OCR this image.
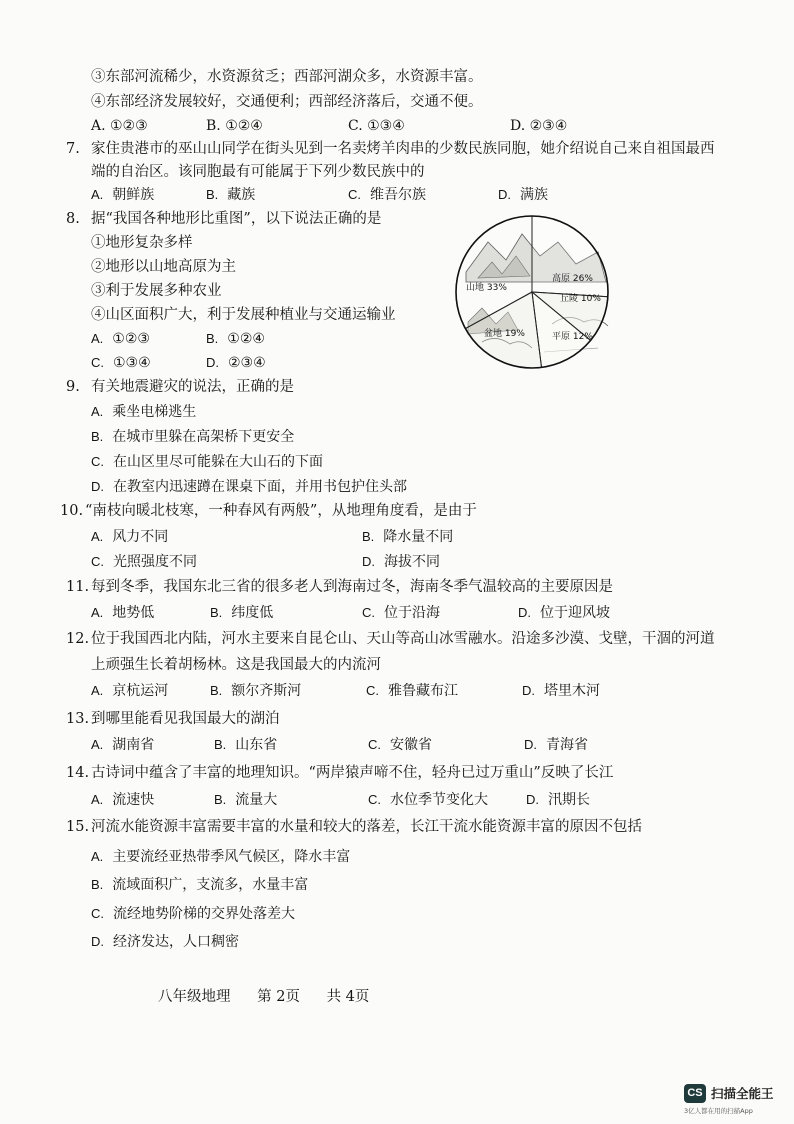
③东部河流稀少，水资源贫乏；西部河湖众多，水资源丰富。
④东部经济发展较好，交通便利；西部经济落后，交通不便。
A. ①②③	B. ①②④	C. ①③④	D. ②③④
7. 家住贵港市的巫山山同学在街头见到一名卖烤羊肉串的少数民族同胞，她介绍说自己来自祖国最西
端的自治区。该同胞最有可能属于下列少数民族中的
A. 朝鲜族	B. 藏族	C. 维吾尔族	D. 满族
8. 据“我国各种地形比重图”，以下说法正确的是
①地形复杂多样
②地形以山地高原为主
③利于发展多种农业
④山区面积广大，利于发展种植业与交通运输业
A. ①②③	B. ①②④
C. ①③④	D. ②③④
高原 26%
丘陵 10%
平原 12%
盆地 19%
山地 33%
9. 有关地震避灾的说法，正确的是
A. 乘坐电梯逃生
B. 在城市里躲在高架桥下更安全
C. 在山区里尽可能躲在大山石的下面
D. 在教室内迅速蹲在课桌下面，并用书包护住头部
10. “南枝向暖北枝寒，一种春风有两般”，从地理角度看，是由于
A. 风力不同	B. 降水量不同
C. 光照强度不同	D. 海拔不同
11. 每到冬季，我国东北三省的很多老人到海南过冬，海南冬季气温较高的主要原因是
A. 地势低	B. 纬度低	C. 位于沿海	D. 位于迎风坡
12. 位于我国西北内陆，河水主要来自昆仑山、天山等高山冰雪融水。沿途多沙漠、戈壁，干涸的河道
上顽强生长着胡杨林。这是我国最大的内流河
A. 京杭运河	B. 额尔齐斯河	C. 雅鲁藏布江	D. 塔里木河
13. 到哪里能看见我国最大的湖泊
A. 湖南省	B. 山东省	C. 安徽省	D. 青海省
14. 古诗词中蕴含了丰富的地理知识。“两岸猿声啼不住，轻舟已过万重山”反映了长江
A. 流速快	B. 流量大	C. 水位季节变化大	D. 汛期长
15. 河流水能资源丰富需要丰富的水量和较大的落差，长江干流水能资源丰富的原因不包括
A. 主要流经亚热带季风气候区，降水丰富
B. 流域面积广，支流多，水量丰富
C. 流经地势阶梯的交界处落差大
D. 经济发达，人口稠密
八年级地理 第 2页 共 4页
CS 扫描全能王
3亿人都在用的扫描App
